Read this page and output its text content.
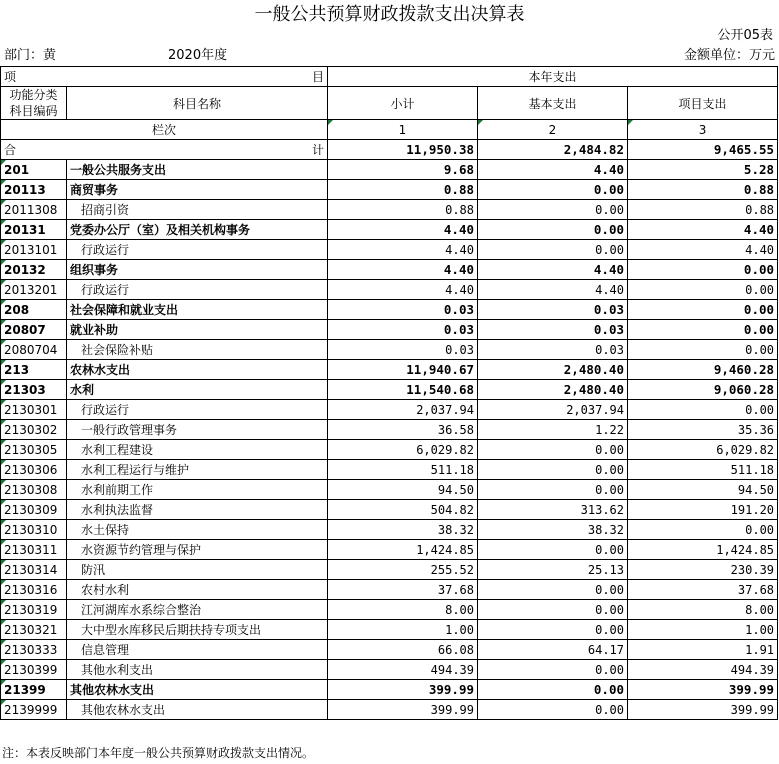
一般公共预算财政拨款支出决算表
公开05表
部门：黄	2020年度	金额单位：万元
项 目		本年支出		

功能分类
科目编码	科目名称	小计	基本支出	项目支出
栏次		1	2	3

合 计		11,950.38	2,484.82	9,465.55
201	一般公共服务支出	9.68	4.40	5.28
20113	商贸事务	0.88	0.00	0.88
2011308	招商引资	0.88	0.00	0.88
20131	党委办公厅（室）及相关机构事务	4.40	0.00	4.40
2013101	行政运行	4.40	0.00	4.40
20132	组织事务	4.40	4.40	0.00
2013201	行政运行	4.40	4.40	0.00
208	社会保障和就业支出	0.03	0.03	0.00
20807	就业补助	0.03	0.03	0.00
2080704	社会保险补贴	0.03	0.03	0.00
213	农林水支出	11,940.67	2,480.40	9,460.28
21303	水利	11,540.68	2,480.40	9,060.28
2130301	行政运行	2,037.94	2,037.94	0.00
2130302	一般行政管理事务	36.58	1.22	35.36
2130305	水利工程建设	6,029.82	0.00	6,029.82
2130306	水利工程运行与维护	511.18	0.00	511.18
2130308	水利前期工作	94.50	0.00	94.50
2130309	水利执法监督	504.82	313.62	191.20
2130310	水土保持	38.32	38.32	0.00
2130311	水资源节约管理与保护	1,424.85	0.00	1,424.85
2130314	防汛	255.52	25.13	230.39
2130316	农村水利	37.68	0.00	37.68
2130319	江河湖库水系综合整治	8.00	0.00	8.00
2130321	大中型水库移民后期扶持专项支出	1.00	0.00	1.00
2130333	信息管理	66.08	64.17	1.91
2130399	其他水利支出	494.39	0.00	494.39
21399	其他农林水支出	399.99	0.00	399.99
2139999	其他农林水支出	399.99	0.00	399.99
注：本表反映部门本年度一般公共预算财政拨款支出情况。
